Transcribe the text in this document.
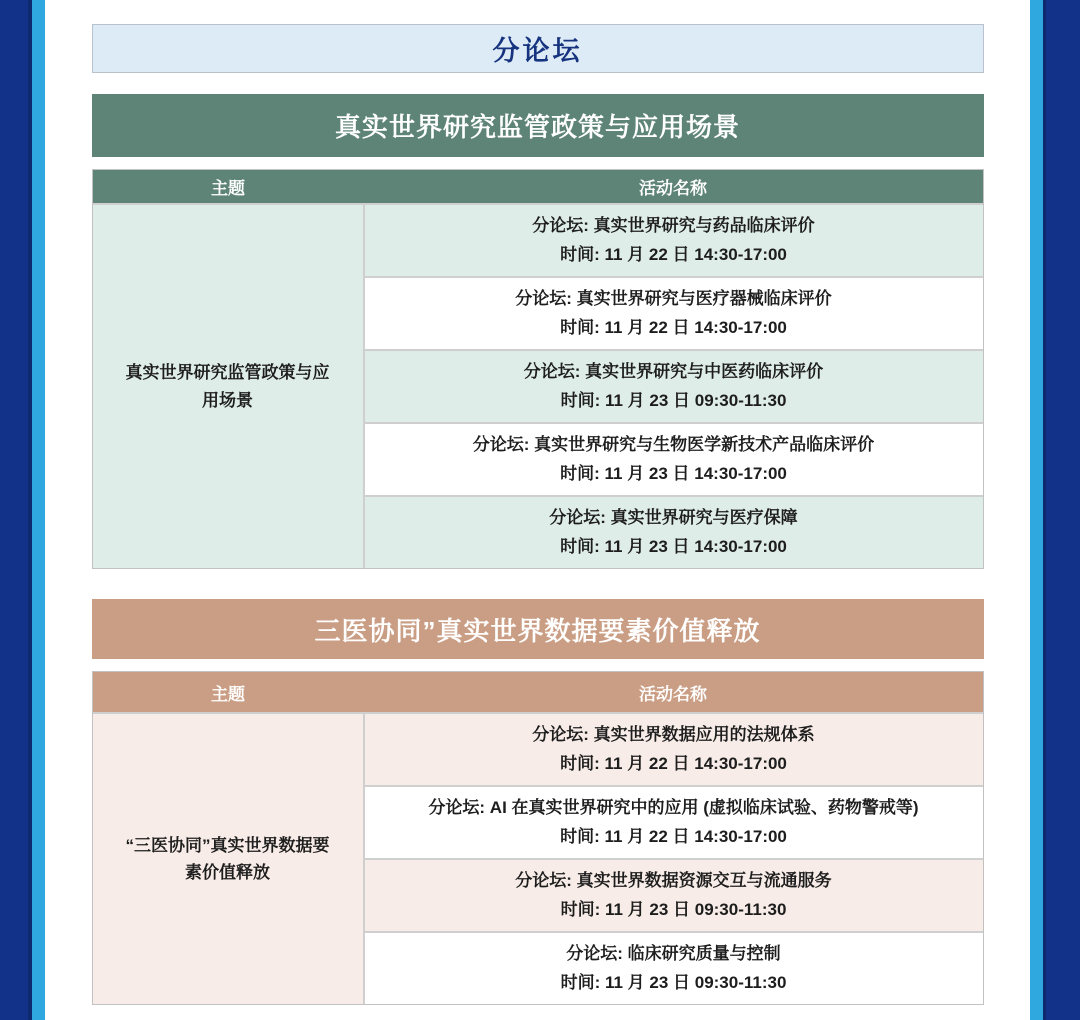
分论坛
真实世界研究监管政策与应用场景
主题	活动名称
真实世界研究监管政策与应用场景
分论坛: 真实世界研究与药品临床评价
时间: 11 月 22 日 14:30-17:00
分论坛: 真实世界研究与医疗器械临床评价
时间: 11 月 22 日 14:30-17:00
分论坛: 真实世界研究与中医药临床评价
时间: 11 月 23 日 09:30-11:30
分论坛: 真实世界研究与生物医学新技术产品临床评价
时间: 11 月 23 日 14:30-17:00
分论坛: 真实世界研究与医疗保障
时间: 11 月 23 日 14:30-17:00
三医协同”真实世界数据要素价值释放
主题	活动名称
“三医协同”真实世界数据要素价值释放
分论坛: 真实世界数据应用的法规体系
时间: 11 月 22 日 14:30-17:00
分论坛: AI 在真实世界研究中的应用 (虚拟临床试验、药物警戒等)
时间: 11 月 22 日 14:30-17:00
分论坛: 真实世界数据资源交互与流通服务
时间: 11 月 23 日 09:30-11:30
分论坛: 临床研究质量与控制
时间: 11 月 23 日 09:30-11:30
